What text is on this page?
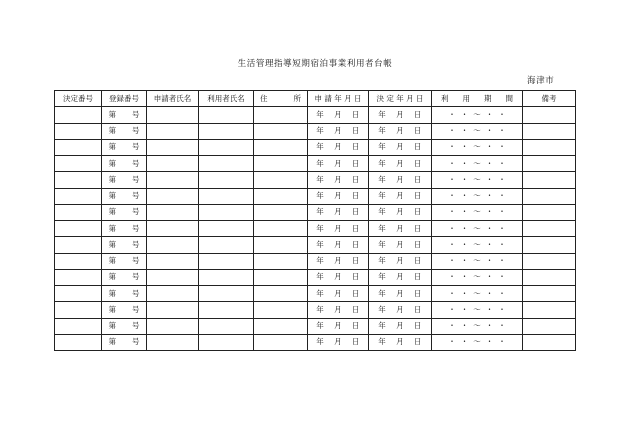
生活管理指導短期宿泊事業利用者台帳
海津市
決定番号	登録番号	申請者氏名	利用者氏名	住 所	申 請 年 月 日	決 定 年 月 日	利 用 期 間	備考
	第 号				年 月 日	年 月 日	・ ・ ～ ・ ・	
	第 号				年 月 日	年 月 日	・ ・ ～ ・ ・	
	第 号				年 月 日	年 月 日	・ ・ ～ ・ ・	
	第 号				年 月 日	年 月 日	・ ・ ～ ・ ・	
	第 号				年 月 日	年 月 日	・ ・ ～ ・ ・	
	第 号				年 月 日	年 月 日	・ ・ ～ ・ ・	
	第 号				年 月 日	年 月 日	・ ・ ～ ・ ・	
	第 号				年 月 日	年 月 日	・ ・ ～ ・ ・	
	第 号				年 月 日	年 月 日	・ ・ ～ ・ ・	
	第 号				年 月 日	年 月 日	・ ・ ～ ・ ・	
	第 号				年 月 日	年 月 日	・ ・ ～ ・ ・	
	第 号				年 月 日	年 月 日	・ ・ ～ ・ ・	
	第 号				年 月 日	年 月 日	・ ・ ～ ・ ・	
	第 号				年 月 日	年 月 日	・ ・ ～ ・ ・	
	第 号				年 月 日	年 月 日	・ ・ ～ ・ ・	
